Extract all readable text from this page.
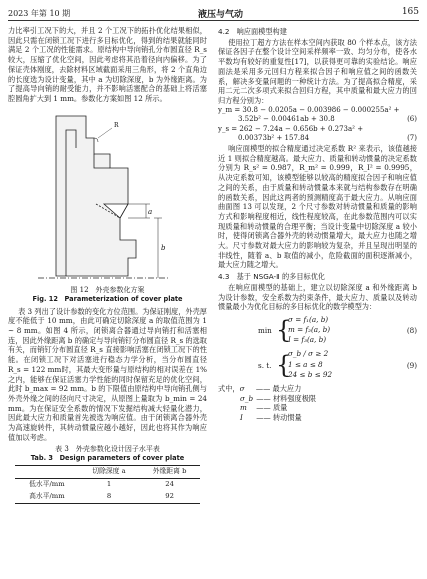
2023 年第 10 期	液压与气动	165

力比率引工况下的大，并且 2 个工况下的拓扑优化结果相似，因此只需在闭锁工况下进行多目标优化，得到的结果就能同时满足 2 个工况的性能需求。原结构中导向销孔分布圆直径 R_s 较大，压缩了优化空间，因此考虑将其沿着径向内偏移。为了保证壳体刚度，去除材料区域截面采用三角形，将 2 个直角边的长度选为设计变量，其中 a 为切除深度，b 为外缘距离。为了提高导向销的耐受能力，并不影响活塞配合的基础上将活塞腔圆角扩大到 1 mm。参数化方案如图 12 所示。

a
b
R
图 12　外壳参数化方案
Fig. 12　Parameterization of cover plate

表 3 列出了设计参数的变化方位范围。为保证刚度，外壳厚度不能低于 10 mm，由此可确定切除深度 a 的取值范围为 1 ~ 8 mm。如图 4 所示，闭锁离合器通过导向销打和活塞相连，因此外缘距离 b 的确定与导向销钉分布圆直径 R_s 的选取有关，而销钉分布圆直径 R_s 直接影响活塞在闭锁工况下的性能。在闭锁工况下对活塞进行稳态力学分析，当分布圆直径 R_s = 122 mm时，其最大变形量与原结构的相对误差在 1% 之内，能够在保证活塞力学性能的同时保留充足的优化空间，此时 b_max = 92 mm。b 的下限值由原结构中导向销孔侧与外壳外缘之间的径向尺寸决定，从原图上量取为 b_min = 24 mm。为在保证安全系数的情况下发掘结构减大轻量化潜力，因此最大应力和质量首先被选为响应值。由于闭锁离合器外壳为高速旋转件，其转动惯量应越小越好，因此也将其作为响应值加以考虑。

表 3　外壳参数化设计因子水平表
Tab. 3　Design parameters of cover plate
	切除深度 a	外缘距离 b
低水平/mm	1	24
高水平/mm	8	92
4.2　响应面模型构建

使用拉丁超方方法在样本空间内获取 80 个样本点，该方法保证各因子在整个设计空间采样频率一致、均匀分布，使各水平数均有较好的重复性[17]，以获得更可靠的实验结论。响应面法是采用多元回归方程来拟合因子和响应值之间的函数关系，解决多变量问题的一种统计方法。为了提高拟合精度，采用二元二次多项式来拟合回归方程，其中质量和最大应力的回归方程分别为：

y_m = 30.8 − 0.0205a − 0.003986 − 0.000255a² +
3.52b² − 0.00461ab + 30.8	(6)
y_s = 262 − 7.24a − 0.656b + 0.273a² +
0.00373b² + 157.84	(7)

响应面模型的拟合精度通过决定系数 R² 来表示，该值越接近 1 则拟合精度越高。最大应力、质量和转动惯量的决定系数分别为 R_s² = 0.987，R_m² = 0.999，R_I² = 0.9995，从决定系数可知，该模型能够以较高的精度拟合因子和响应值之间的关系，由于质量和转动惯量本来就与结构参数存在明确的函数关系，因此这两者的预测精度高于最大应力。从响应面曲面图 13 可以发现，2 个尺寸参数对转动惯量和质量的影响方式和影响程度相近，线性程度较高，在此参数范围内可以实现质量和转动惯量的合理平衡；当设计变量中切除深度 a 较小时，使得闭锁离合器外壳的转动惯量增大，最大应力也随之增大。尺寸参数对最大应力的影响较为复杂，并且呈现出明显的非线性，随着 a、b 取值的减小，危险截面的面积逐渐减小，最大应力随之增大。

4.3　基于 NSGA-Ⅱ 的多目标优化

在响应面模型的基础上，建立以切除深度 a 和外缘距离 b 为设计参数，安全系数为约束条件，最大应力、质量以及转动惯量最小为优化目标的多目标优化的数学模型为：

min {
σ = f₁(a, b)
m = f₂(a, b)
I = f₃(a, b)
(8)
s. t. {
σ_b / σ ≥ 2
1 ≤ a ≤ 8
24 ≤ b ≤ 92
(9)
式中，σ —— 最大应力
σ_b —— 材料强度极限
m —— 质量
I —— 转动惯量
